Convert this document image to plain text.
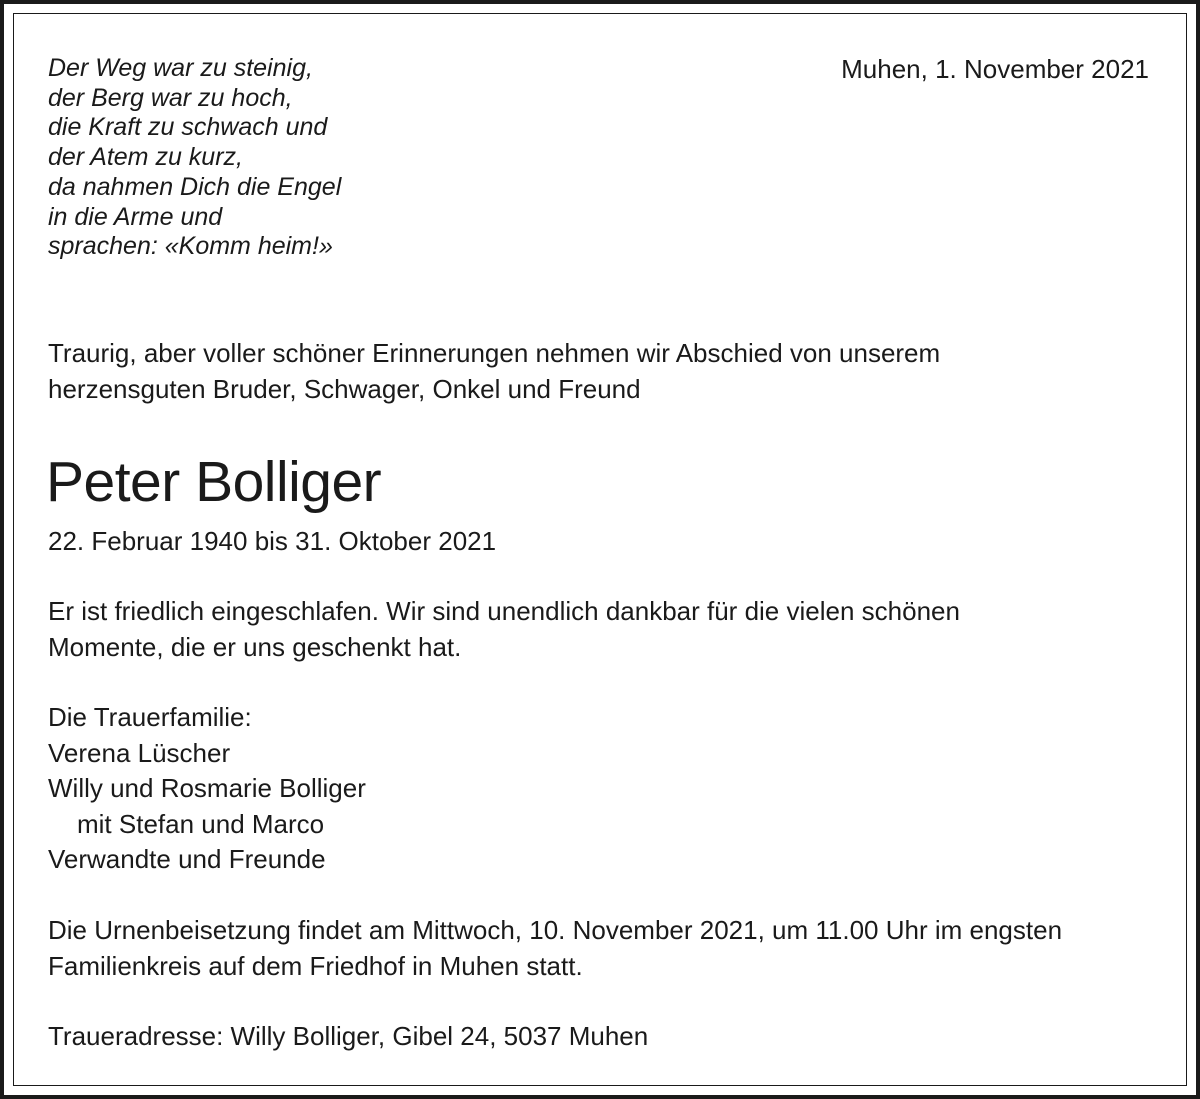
Der Weg war zu steinig,
der Berg war zu hoch,
die Kraft zu schwach und
der Atem zu kurz,
da nahmen Dich die Engel
in die Arme und
sprachen: «Komm heim!»
Muhen, 1. November 2021
Traurig, aber voller schöner Erinnerungen nehmen wir Abschied von unserem
herzensguten Bruder, Schwager, Onkel und Freund
Peter Bolliger
22. Februar 1940 bis 31. Oktober 2021
Er ist friedlich eingeschlafen. Wir sind unendlich dankbar für die vielen schönen
Momente, die er uns geschenkt hat.
Die Trauerfamilie:
Verena Lüscher
Willy und Rosmarie Bolliger
mit Stefan und Marco
Verwandte und Freunde
Die Urnenbeisetzung findet am Mittwoch, 10. November 2021, um 11.00 Uhr im engsten
Familienkreis auf dem Friedhof in Muhen statt.
Traueradresse: Willy Bolliger, Gibel 24, 5037 Muhen
